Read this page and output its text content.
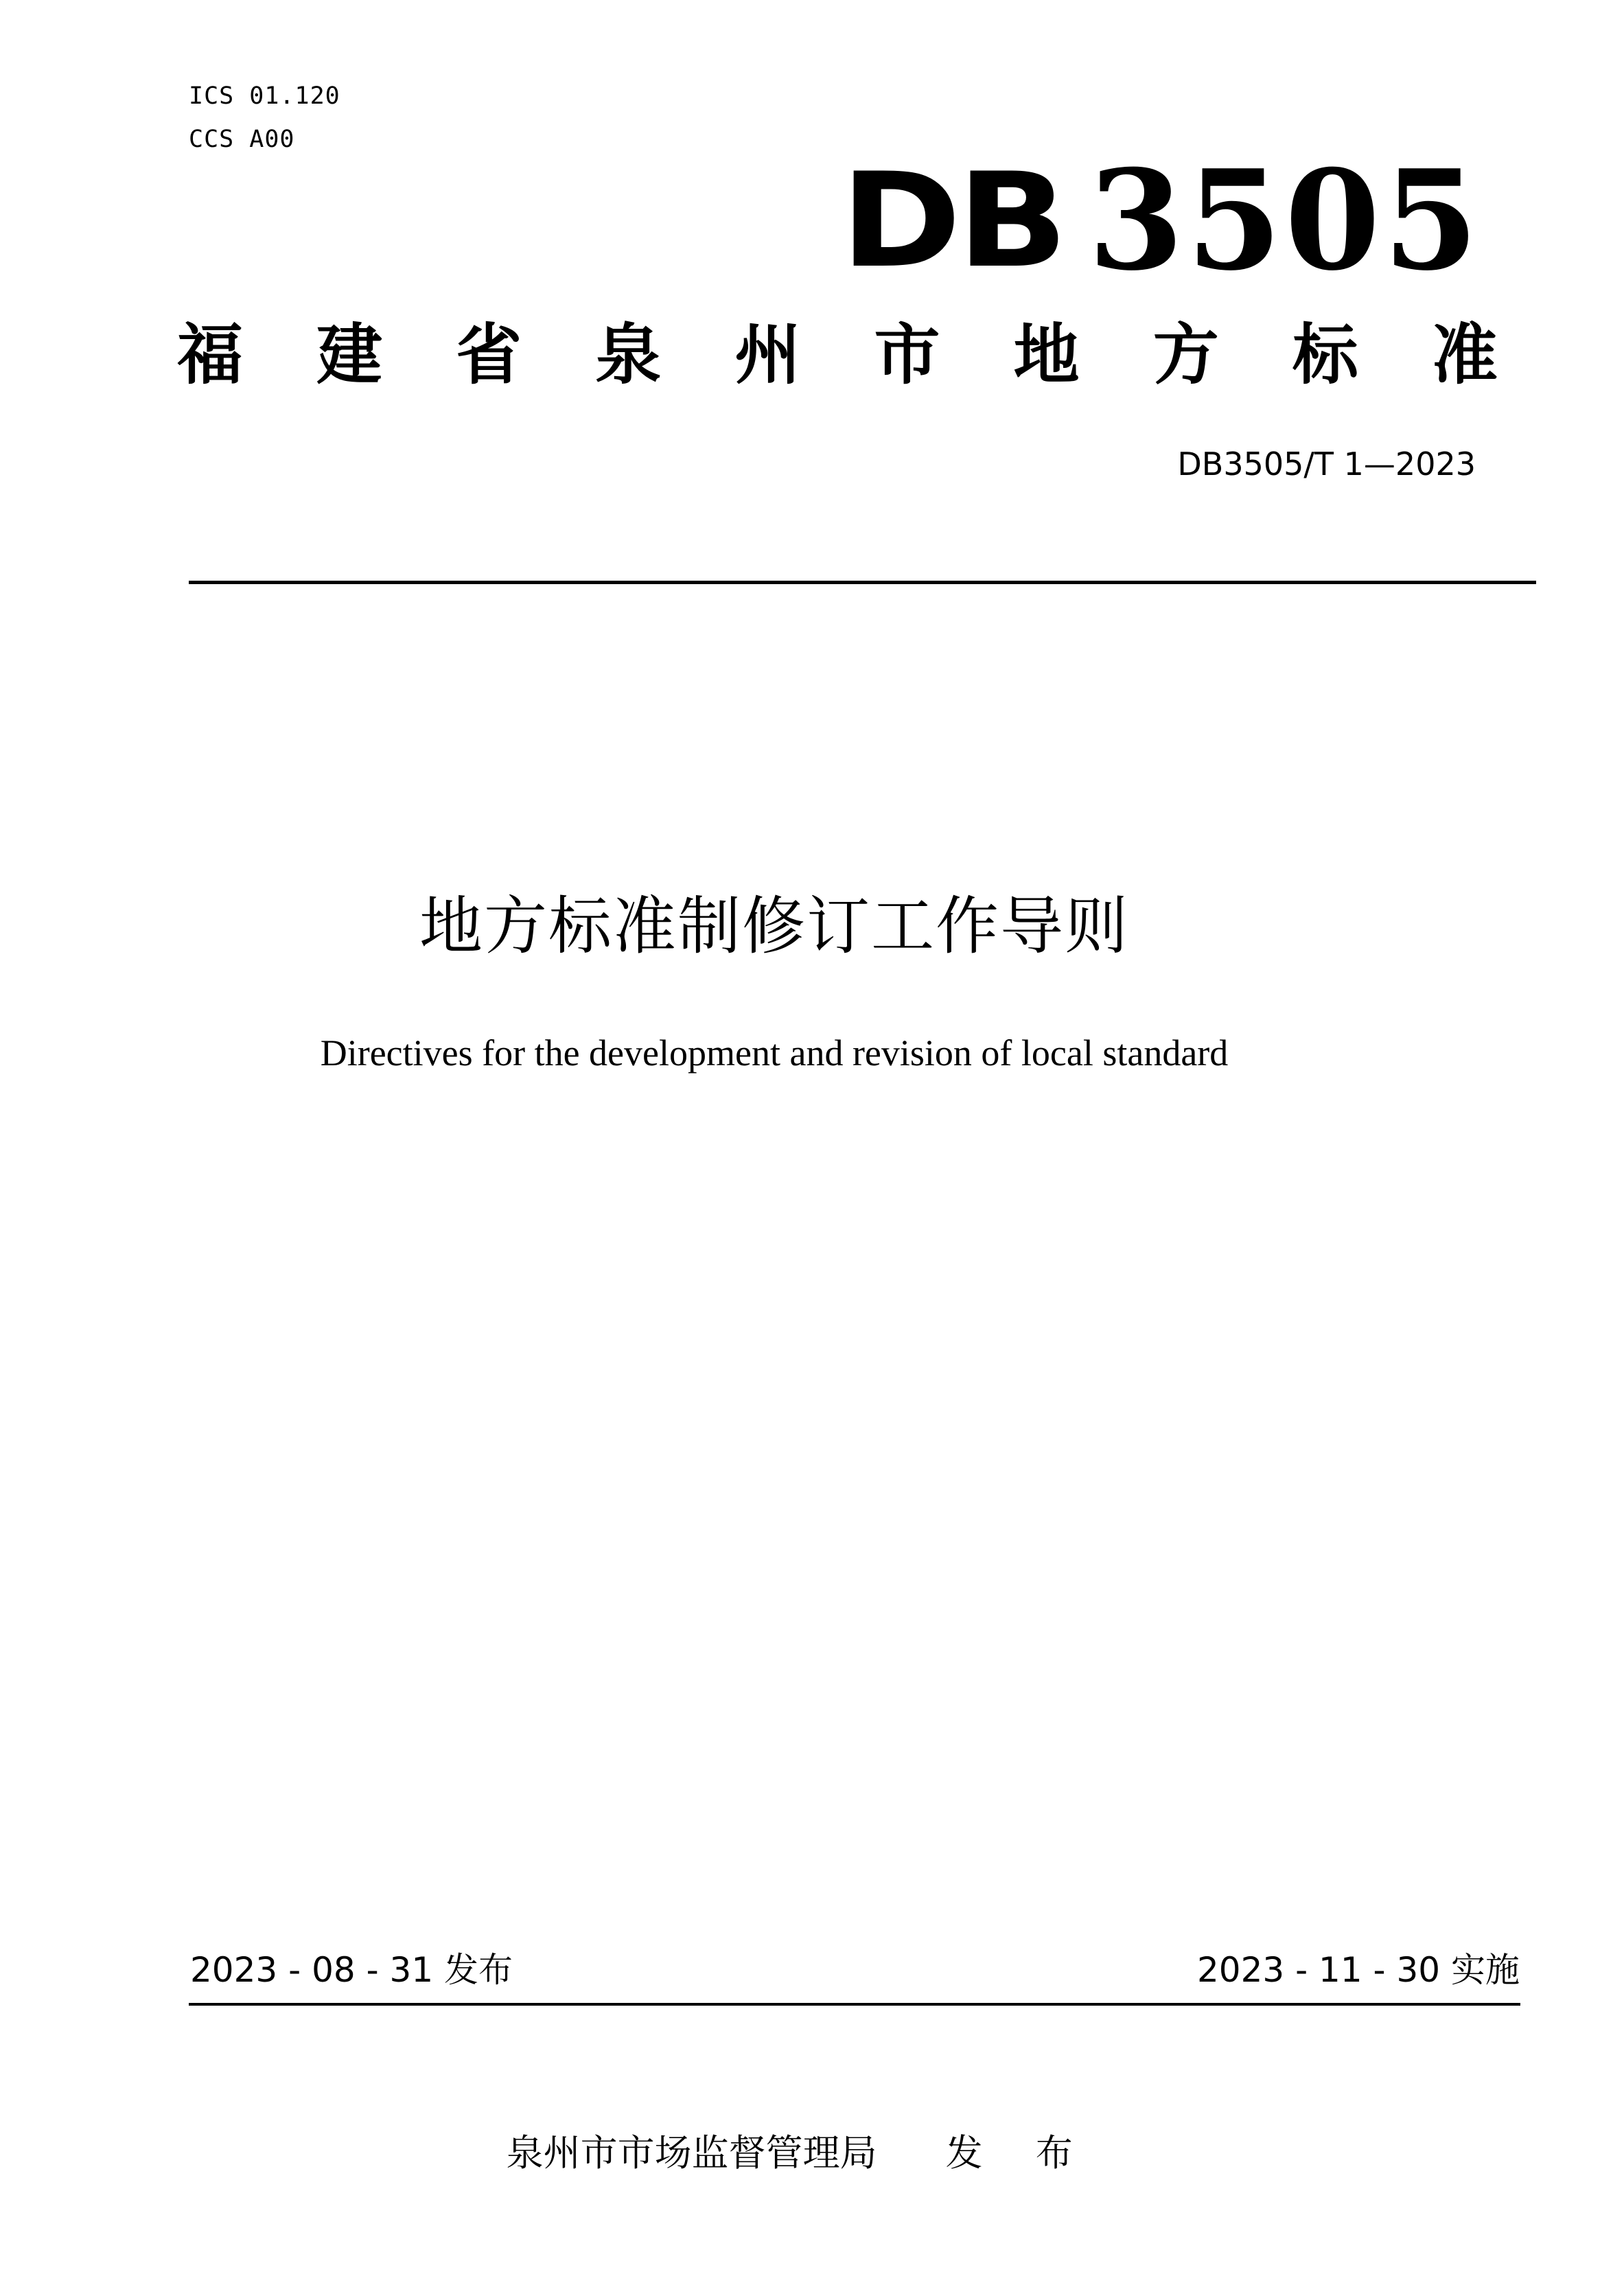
ICS 01.120
CCS A00
DB 3505
福 建 省 泉 州 市 地 方 标 准
DB3505/T 1—2023
地方标准制修订工作导则
Directives for the development and revision of local standard
2023 - 08 - 31 发布	2023 - 11 - 30 实施

泉州市市场监督管理局 发 布
